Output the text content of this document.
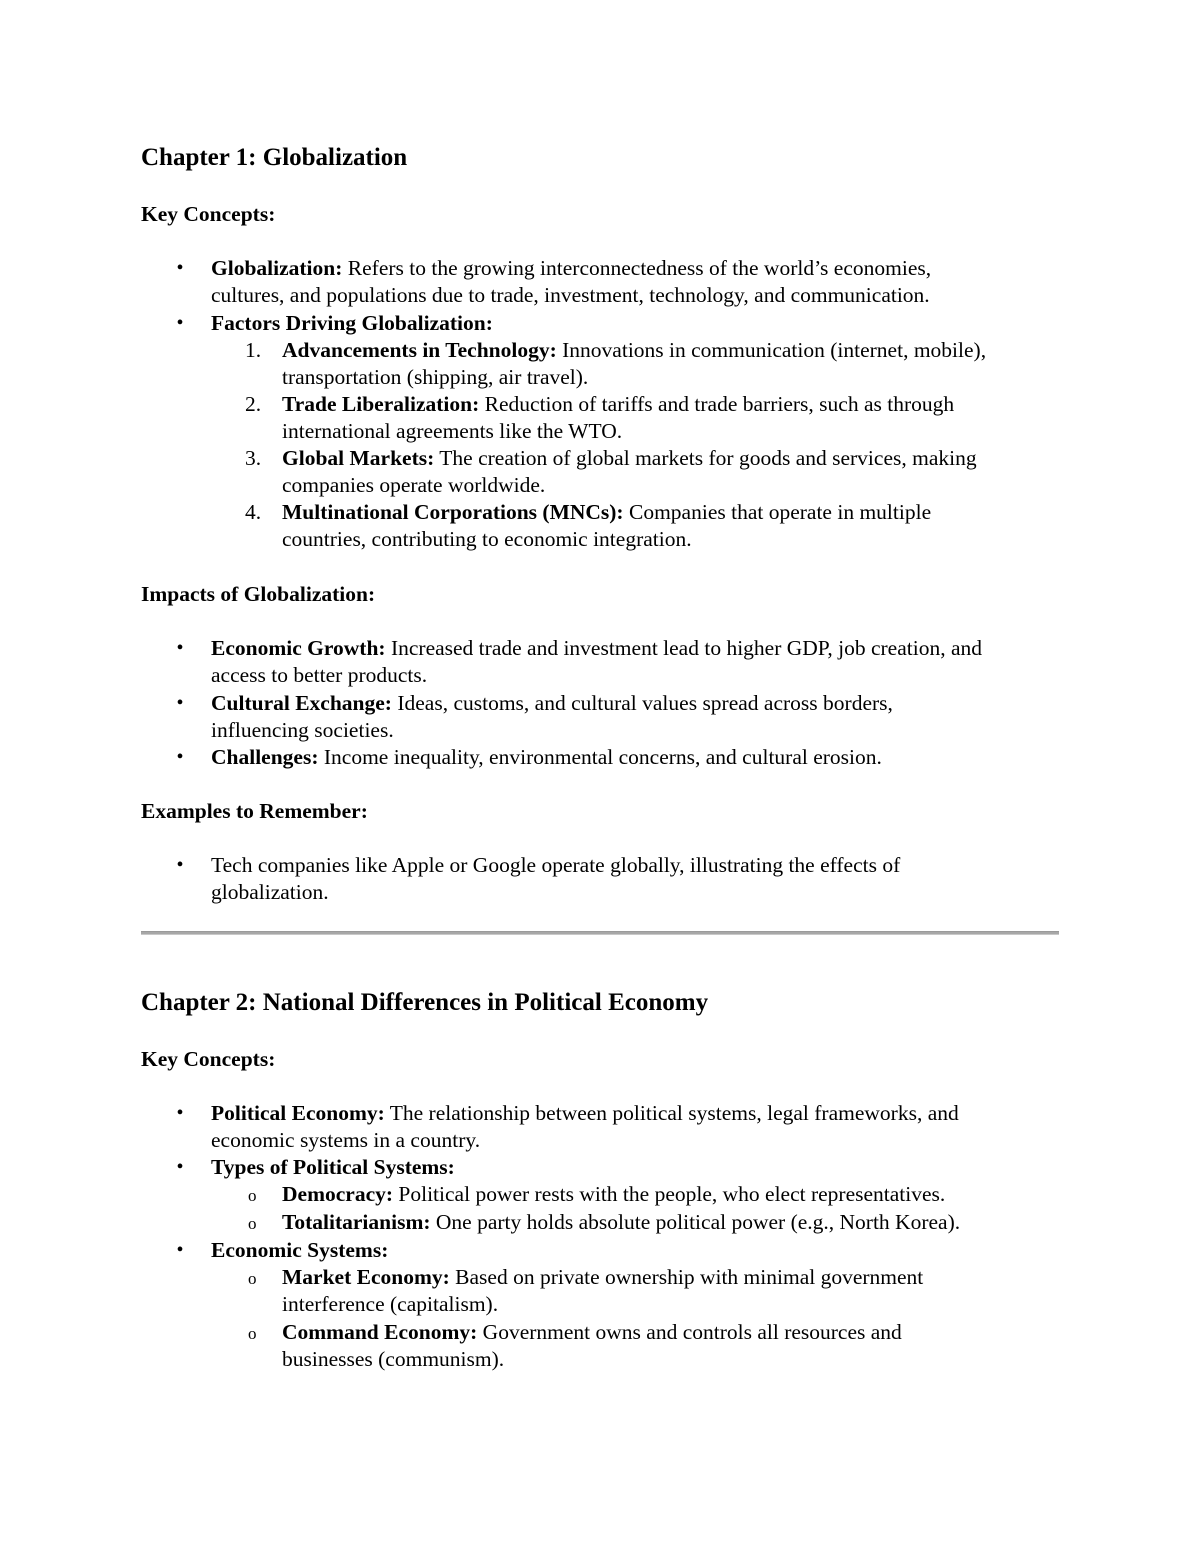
Chapter 1: Globalization
Key Concepts:
• Globalization: Refers to the growing interconnectedness of the world’s economies,
cultures, and populations due to trade, investment, technology, and communication.
• Factors Driving Globalization:
1. Advancements in Technology: Innovations in communication (internet, mobile),
transportation (shipping, air travel).
2. Trade Liberalization: Reduction of tariffs and trade barriers, such as through
international agreements like the WTO.
3. Global Markets: The creation of global markets for goods and services, making
companies operate worldwide.
4. Multinational Corporations (MNCs): Companies that operate in multiple
countries, contributing to economic integration.
Impacts of Globalization:
• Economic Growth: Increased trade and investment lead to higher GDP, job creation, and
access to better products.
• Cultural Exchange: Ideas, customs, and cultural values spread across borders,
influencing societies.
• Challenges: Income inequality, environmental concerns, and cultural erosion.
Examples to Remember:
• Tech companies like Apple or Google operate globally, illustrating the effects of
globalization.
Chapter 2: National Differences in Political Economy
Key Concepts:
• Political Economy: The relationship between political systems, legal frameworks, and
economic systems in a country.
• Types of Political Systems:
o Democracy: Political power rests with the people, who elect representatives.
o Totalitarianism: One party holds absolute political power (e.g., North Korea).
• Economic Systems:
o Market Economy: Based on private ownership with minimal government
interference (capitalism).
o Command Economy: Government owns and controls all resources and
businesses (communism).
